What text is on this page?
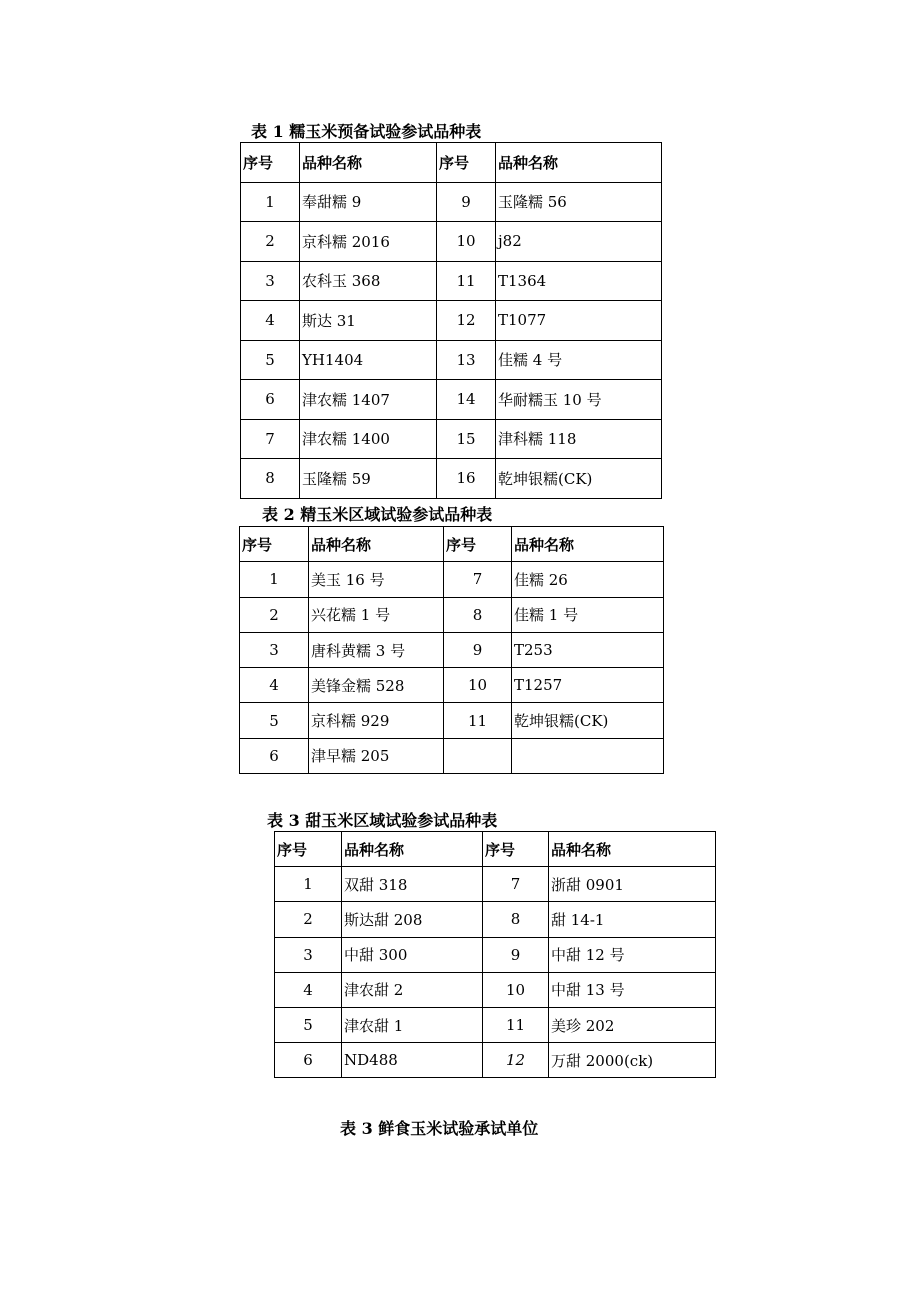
表 1 糯玉米预备试验参试品种表
序号	品种名称	序号	品种名称
1	奉甜糯 9	9	玉隆糯 56
2	京科糯 2016	10	j82
3	农科玉 368	11	T1364
4	斯达 31	12	T1077
5	YH1404	13	佳糯 4 号
6	津农糯 1407	14	华耐糯玉 10 号
7	津农糯 1400	15	津科糯 118
8	玉隆糯 59	16	乾坤银糯(CK)
表 2 精玉米区域试验参试品种表
序号	品种名称	序号	品种名称
1	美玉 16 号	7	佳糯 26
2	兴花糯 1 号	8	佳糯 1 号
3	唐科黄糯 3 号	9	T253
4	美锋金糯 528	10	T1257
5	京科糯 929	11	乾坤银糯(CK)
6	津早糯 205		
表 3 甜玉米区域试验参试品种表
序号	品种名称	序号	品种名称
1	双甜 318	7	浙甜 0901
2	斯达甜 208	8	甜 14-1
3	中甜 300	9	中甜 12 号
4	津农甜 2	10	中甜 13 号
5	津农甜 1	11	美珍 202
6	ND488	12	万甜 2000(ck)
表 3 鲜食玉米试验承试单位
